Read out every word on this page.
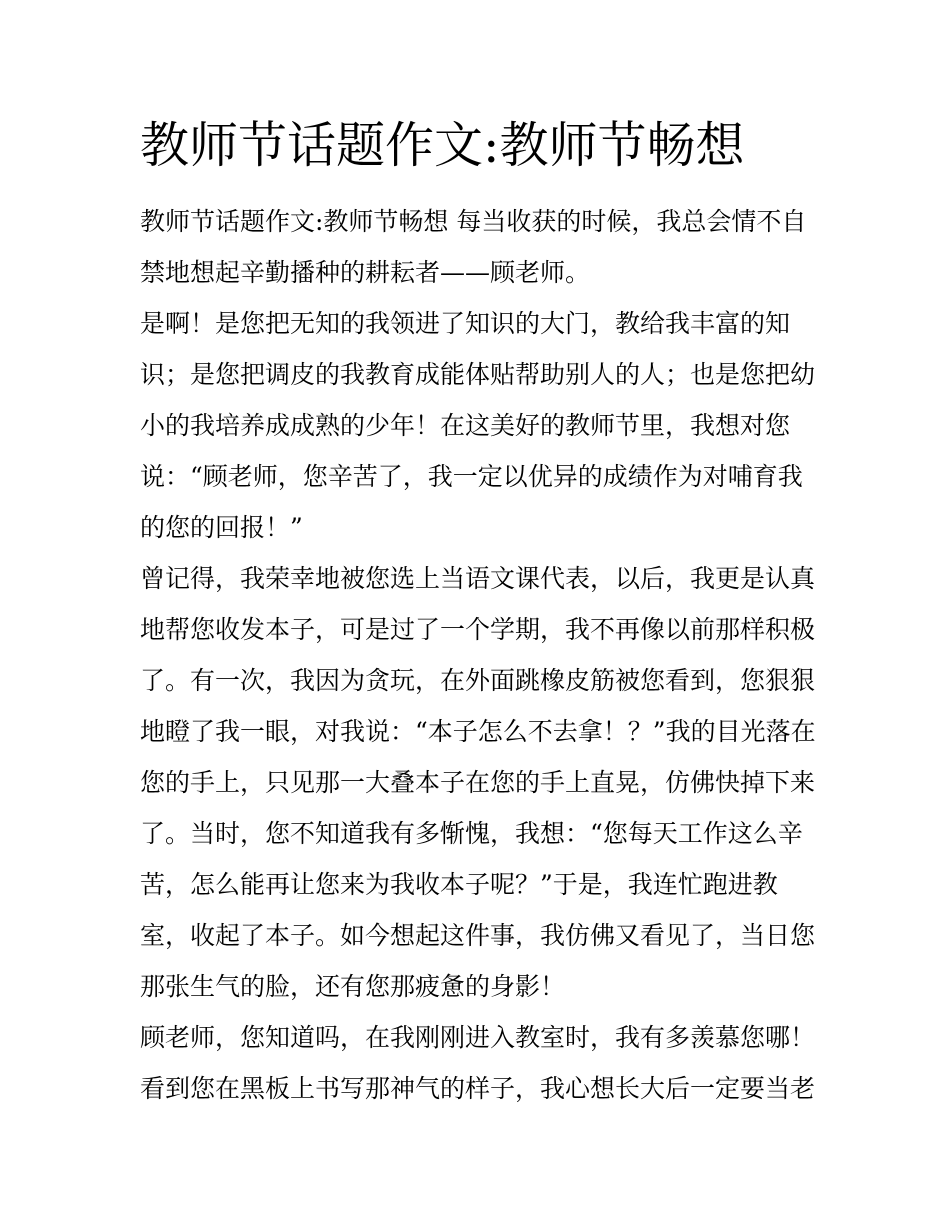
教师节话题作文:教师节畅想
教师节话题作文:教师节畅想 每当收获的时候，我总会情不自
禁地想起辛勤播种的耕耘者——顾老师。
是啊！是您把无知的我领进了知识的大门，教给我丰富的知
识；是您把调皮的我教育成能体贴帮助别人的人；也是您把幼
小的我培养成成熟的少年！在这美好的教师节里，我想对您
说：“顾老师，您辛苦了，我一定以优异的成绩作为对哺育我
的您的回报！”
曾记得，我荣幸地被您选上当语文课代表，以后，我更是认真
地帮您收发本子，可是过了一个学期，我不再像以前那样积极
了。有一次，我因为贪玩，在外面跳橡皮筋被您看到，您狠狠
地瞪了我一眼，对我说：“本子怎么不去拿！？”我的目光落在
您的手上，只见那一大叠本子在您的手上直晃，仿佛快掉下来
了。当时，您不知道我有多惭愧，我想：“您每天工作这么辛
苦，怎么能再让您来为我收本子呢？”于是，我连忙跑进教
室，收起了本子。如今想起这件事，我仿佛又看见了，当日您
那张生气的脸，还有您那疲惫的身影！
顾老师，您知道吗，在我刚刚进入教室时，我有多羡慕您哪！
看到您在黑板上书写那神气的样子，我心想长大后一定要当老
